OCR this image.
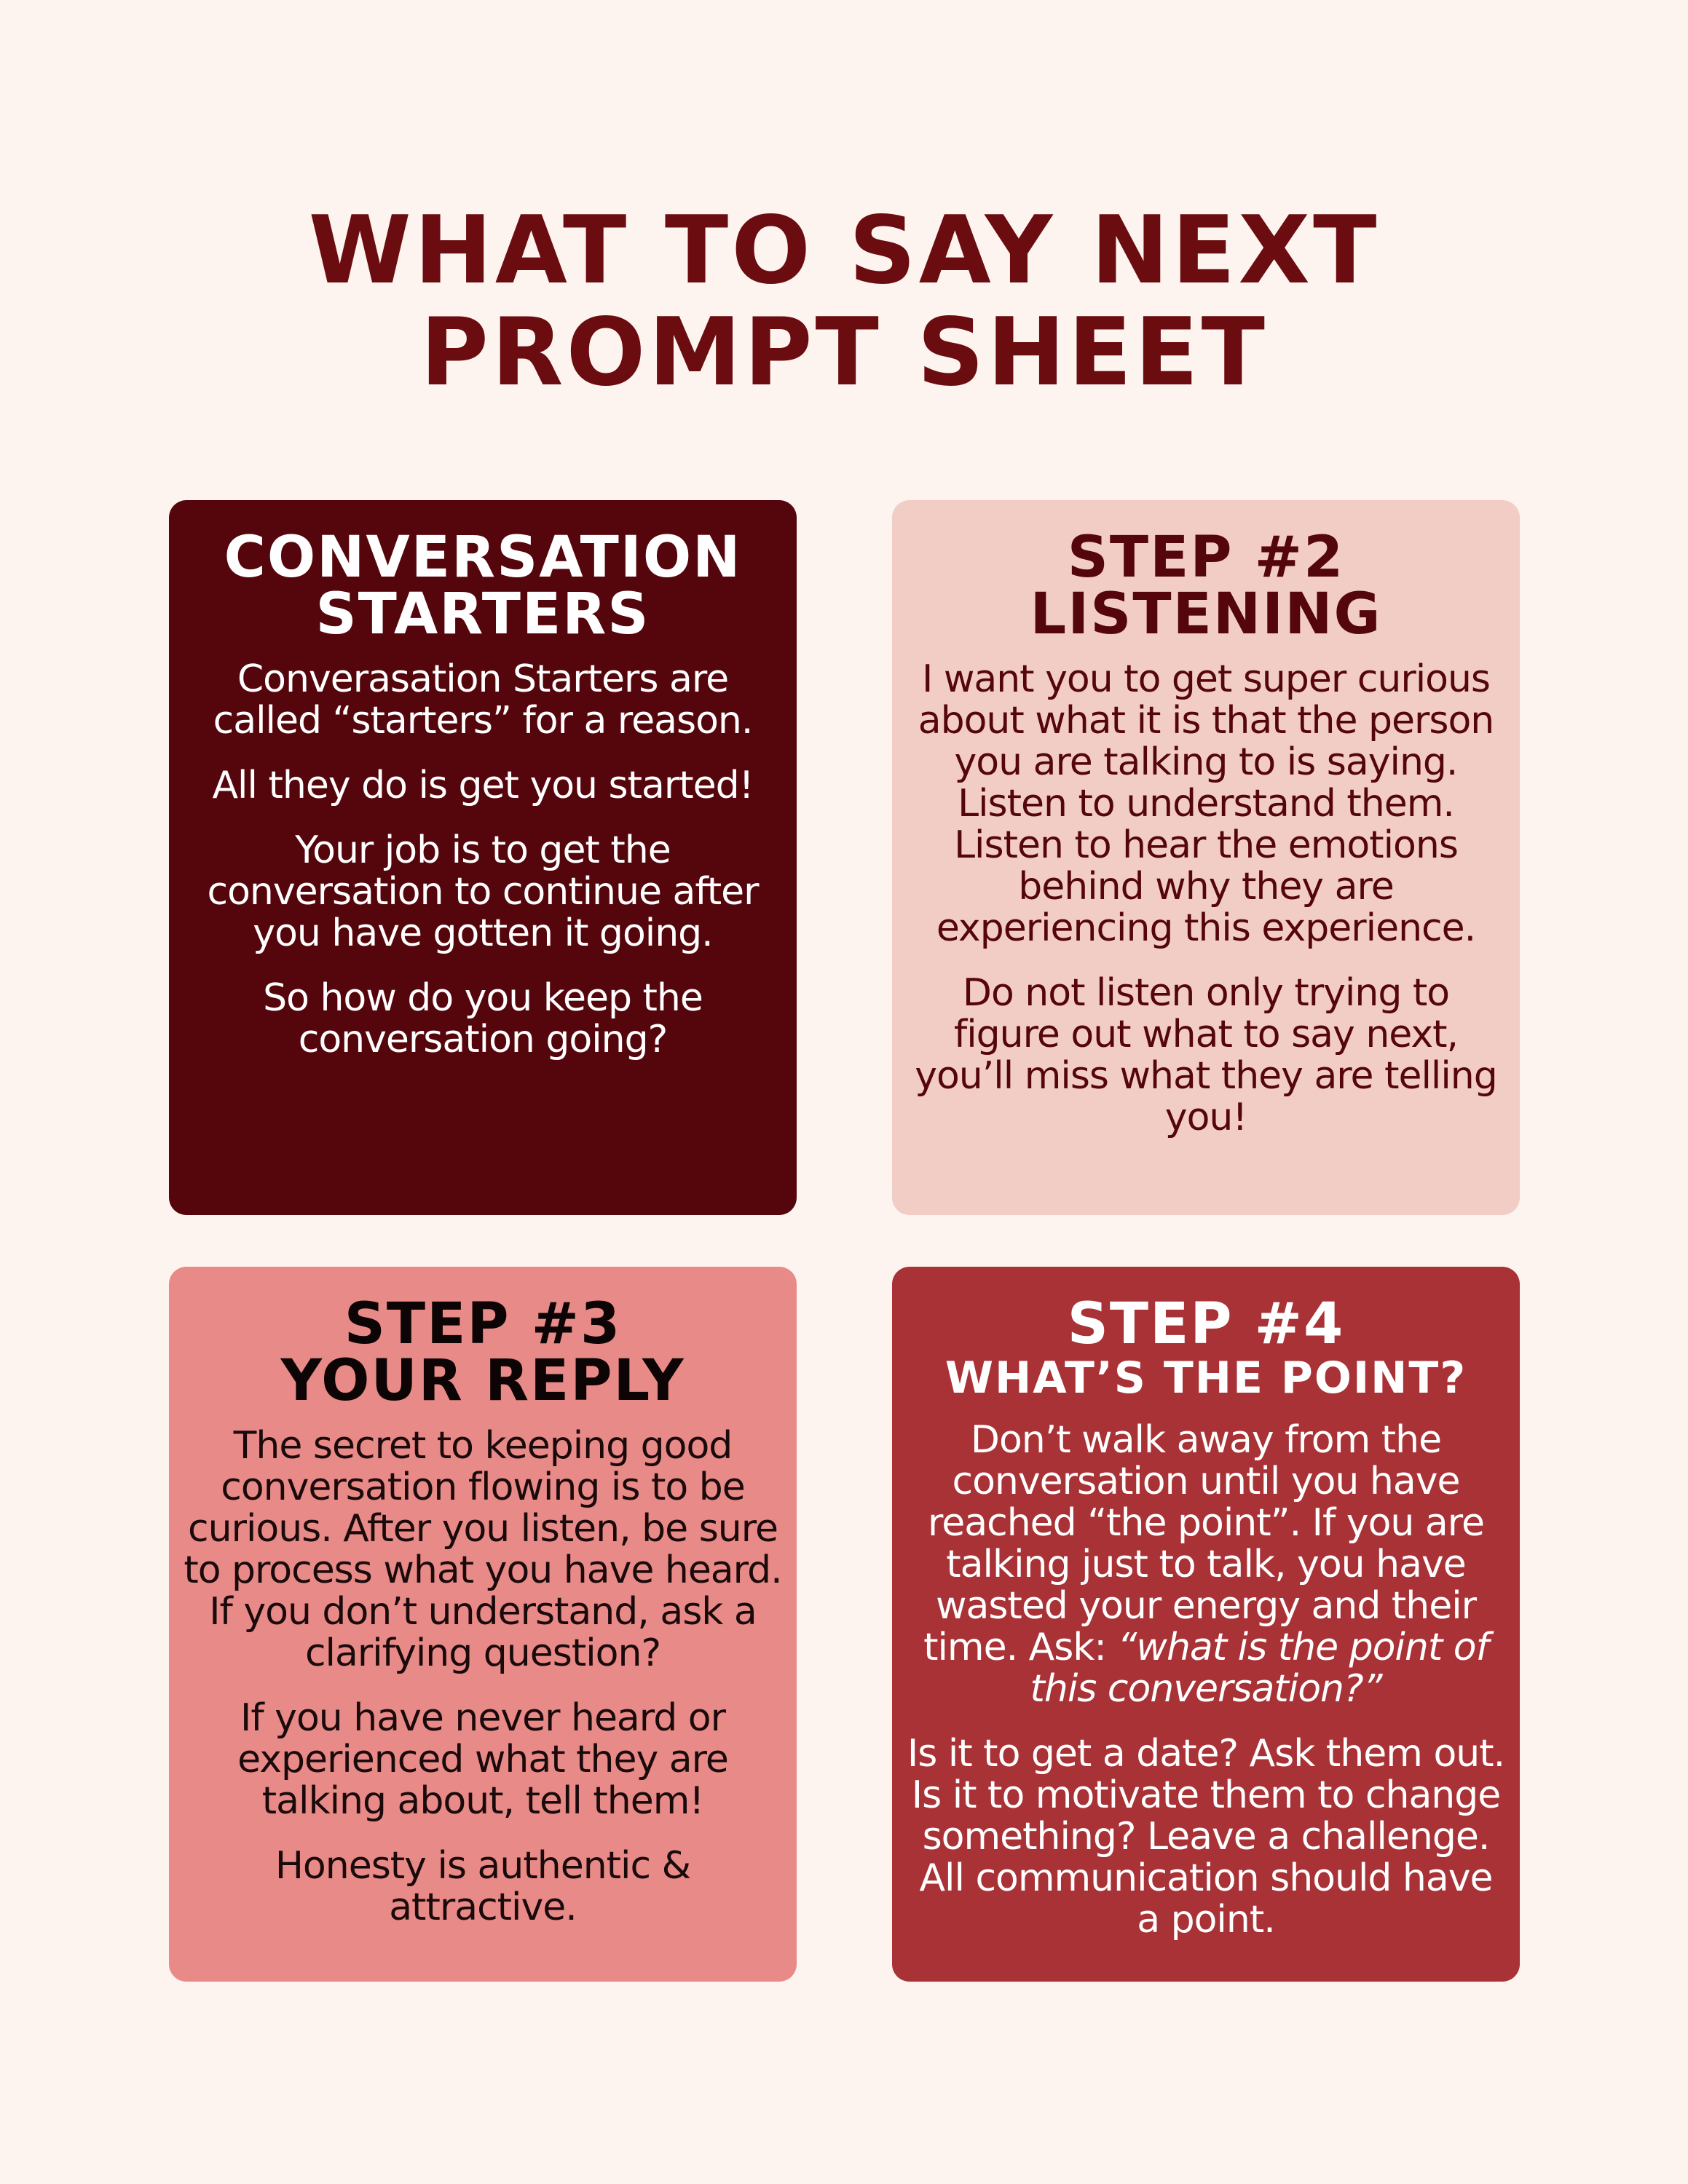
WHAT TO SAY NEXT
PROMPT SHEET
CONVERSATION
STARTERS

Converasation Starters are called “starters” for a reason.

All they do is get you started!

Your job is to get the conversation to continue after you have gotten it going.

So how do you keep the conversation going?

STEP #2
LISTENING

I want you to get super curious about what it is that the person you are talking to is saying. Listen to understand them. Listen to hear the emotions behind why they are experiencing this experience.

Do not listen only trying to figure out what to say next, you’ll miss what they are telling you!

STEP #3
YOUR REPLY

The secret to keeping good conversation flowing is to be curious. After you listen, be sure to process what you have heard. If you don’t understand, ask a clarifying question?

If you have never heard or experienced what they are talking about, tell them!

Honesty is authentic & attractive.

STEP #4
WHAT’S THE POINT?

Don’t walk away from the conversation until you have reached “the point”. If you are talking just to talk, you have wasted your energy and their time. Ask: “what is the point of this conversation?”

Is it to get a date? Ask them out. Is it to motivate them to change something? Leave a challenge. All communication should have a point.
